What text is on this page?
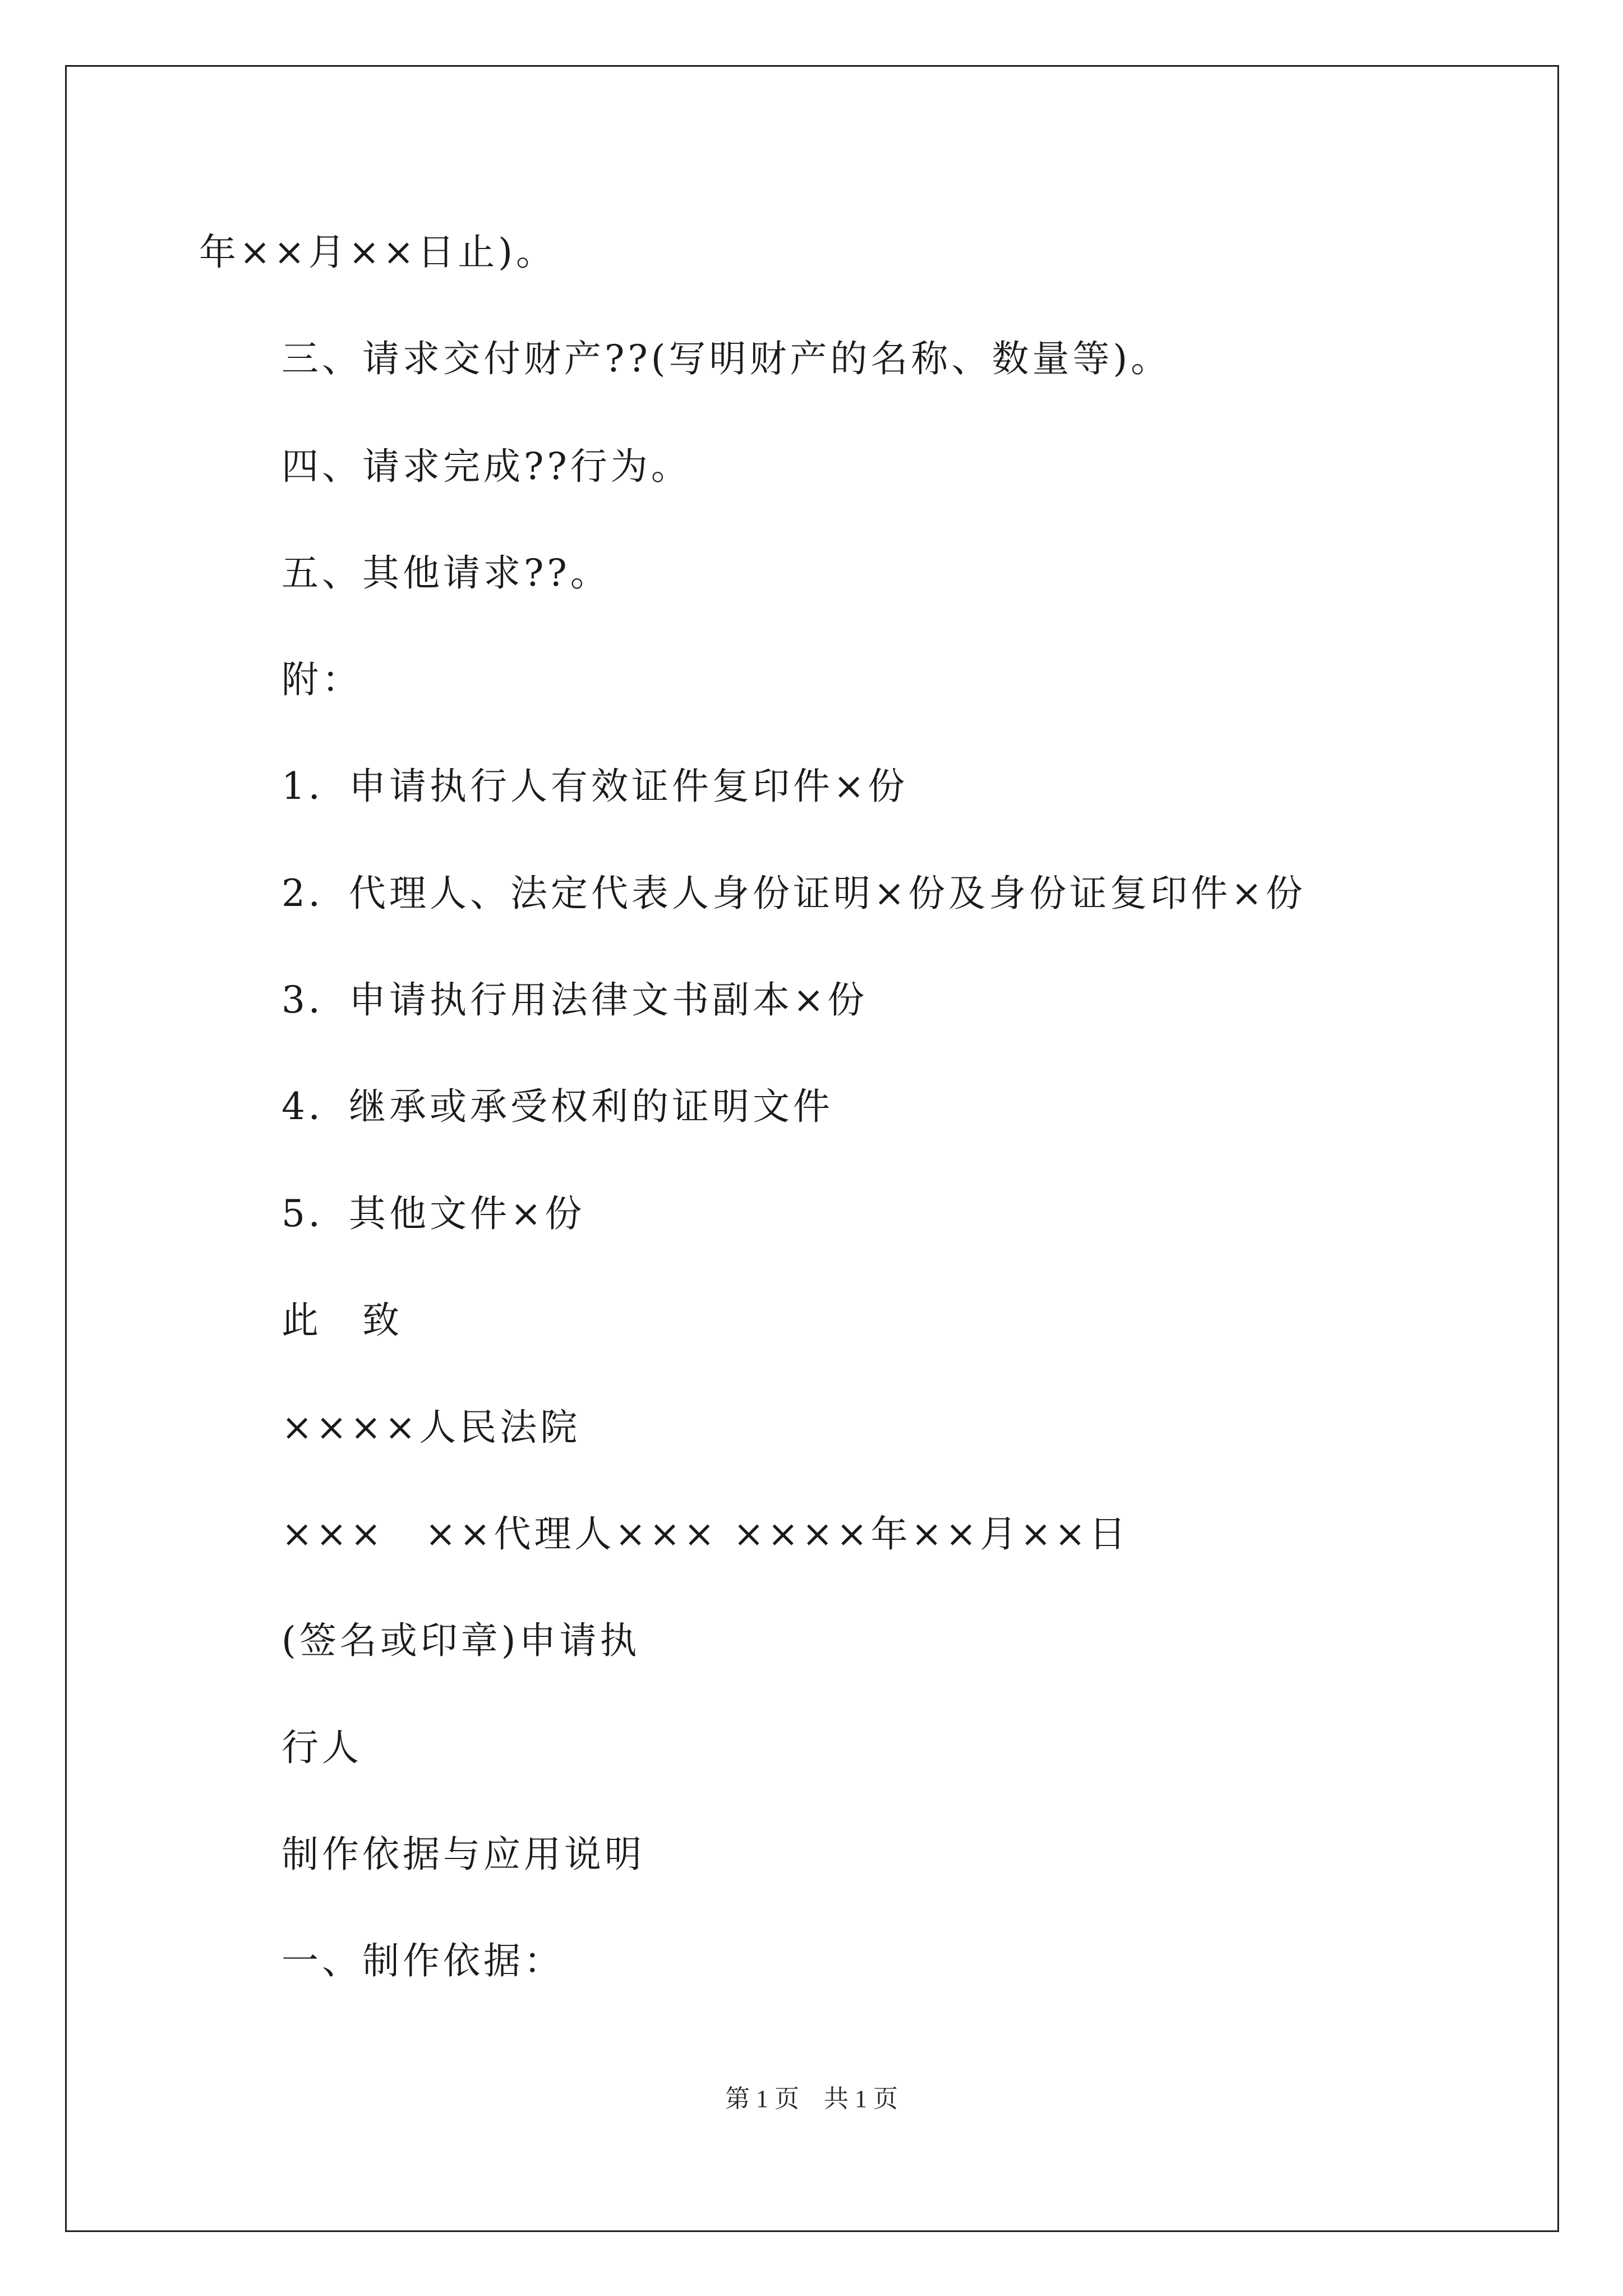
年××月××日止)。
三、请求交付财产??(写明财产的名称、数量等)。
四、请求完成??行为。
五、其他请求??。
附：
1．申请执行人有效证件复印件×份
2．代理人、法定代表人身份证明×份及身份证复印件×份
3．申请执行用法律文书副本×份
4．继承或承受权利的证明文件
5．其他文件×份
此　致
××××人民法院
×××　××代理人××× ××××年××月××日
(签名或印章)申请执
行人
制作依据与应用说明
一、制作依据：
第 1 页　共 1 页
